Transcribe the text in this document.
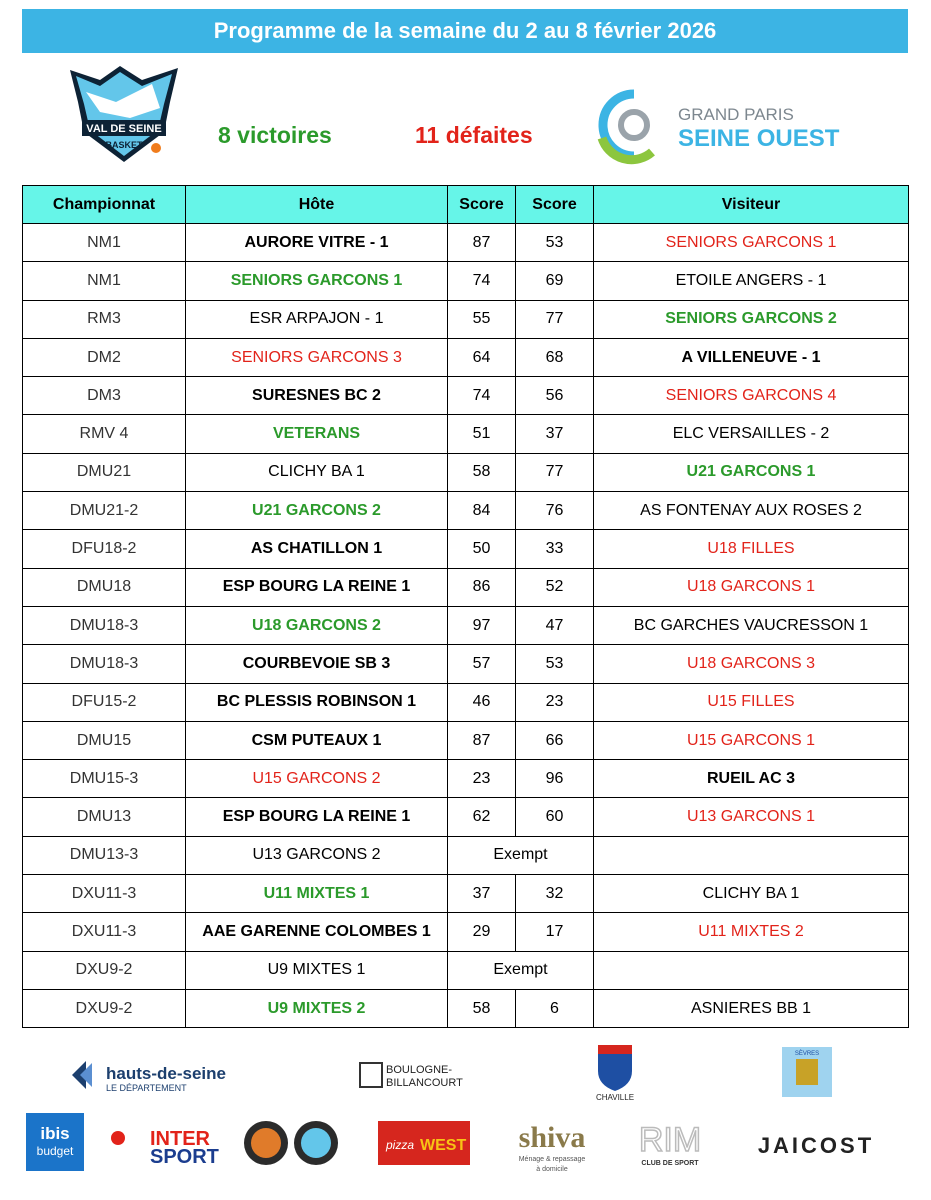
Programme de la semaine du 2 au 8 février 2026
VAL DE SEINE
BASKET	8 victoires	11 défaites
GRAND PARIS
SEINE OUEST
Championnat	Hôte	Score	Score	Visiteur
NM1	AURORE VITRE - 1	87	53	SENIORS GARCONS 1
NM1	SENIORS GARCONS 1	74	69	ETOILE ANGERS - 1
RM3	ESR ARPAJON - 1	55	77	SENIORS GARCONS 2
DM2	SENIORS GARCONS 3	64	68	A VILLENEUVE - 1
DM3	SURESNES BC 2	74	56	SENIORS GARCONS 4
RMV 4	VETERANS	51	37	ELC VERSAILLES - 2
DMU21	CLICHY BA 1	58	77	U21 GARCONS 1
DMU21-2	U21 GARCONS 2	84	76	AS FONTENAY AUX ROSES 2
DFU18-2	AS CHATILLON 1	50	33	U18 FILLES
DMU18	ESP BOURG LA REINE 1	86	52	U18 GARCONS 1
DMU18-3	U18 GARCONS 2	97	47	BC GARCHES VAUCRESSON 1
DMU18-3	COURBEVOIE SB 3	57	53	U18 GARCONS 3
DFU15-2	BC PLESSIS ROBINSON 1	46	23	U15 FILLES
DMU15	CSM PUTEAUX 1	87	66	U15 GARCONS 1
DMU15-3	U15 GARCONS 2	23	96	RUEIL AC 3
DMU13	ESP BOURG LA REINE 1	62	60	U13 GARCONS 1
DMU13-3	U13 GARCONS 2	Exempt		
DXU11-3	U11 MIXTES 1	37	32	CLICHY BA 1
DXU11-3	AAE GARENNE COLOMBES 1	29	17	U11 MIXTES 2
DXU9-2	U9 MIXTES 1	Exempt		
DXU9-2	U9 MIXTES 2	58	6	ASNIERES BB 1
hauts-de-seine
LE DÉPARTEMENT
BOULOGNE-
BILLANCOURT
CHAVILLE
SÈVRES
ibis
budget
INTER
SPORT
pizza WEST shiva
Ménage & repassage
à domicile
RIM
CLUB DE SPORT
JAICOST
